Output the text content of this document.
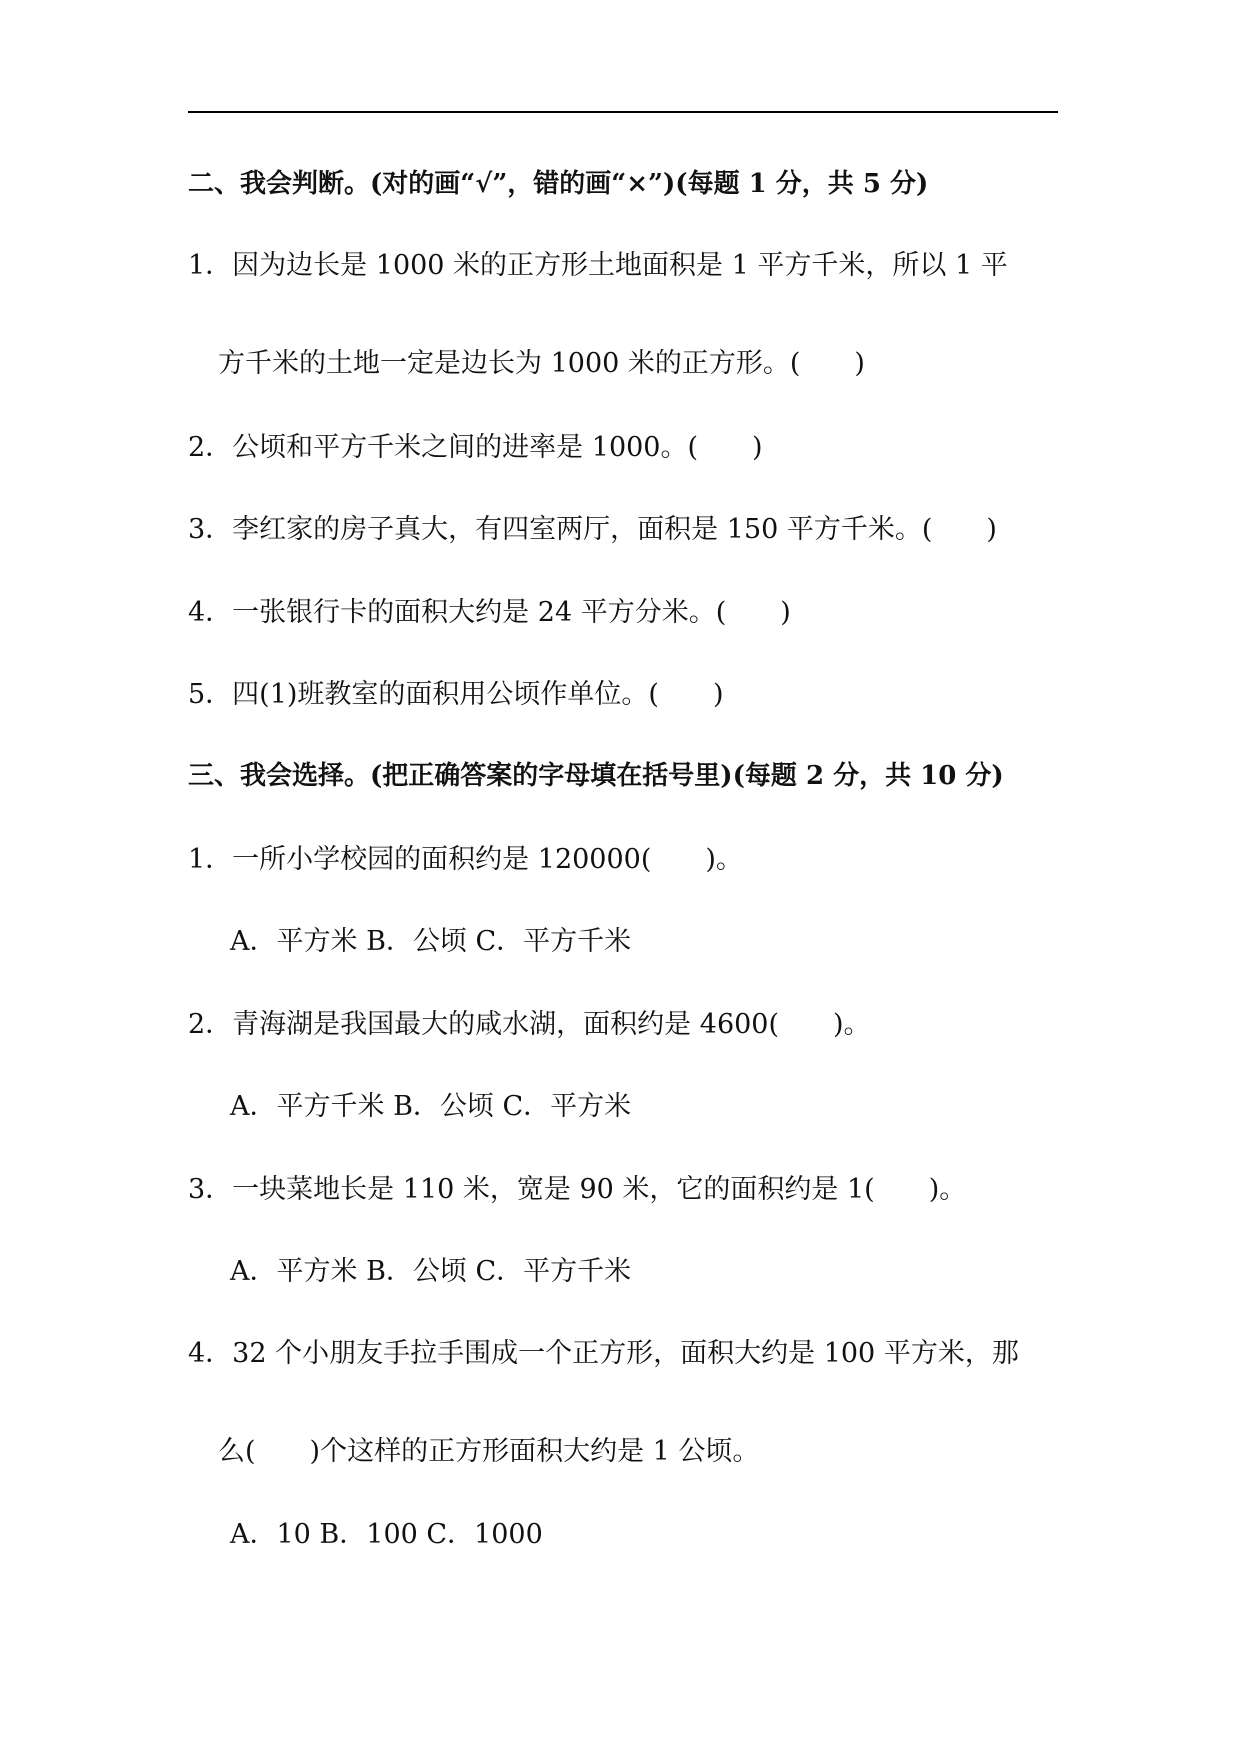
二、我会判断。(对的画“√”，错的画“×”)(每题 1 分，共 5 分)
1．因为边长是 1000 米的正方形土地面积是 1 平方千米，所以 1 平
方千米的土地一定是边长为 1000 米的正方形。(　　)
2．公顷和平方千米之间的进率是 1000。(　　)
3．李红家的房子真大，有四室两厅，面积是 150 平方千米。(　　)
4．一张银行卡的面积大约是 24 平方分米。(　　)
5．四(1)班教室的面积用公顷作单位。(　　)
三、我会选择。(把正确答案的字母填在括号里)(每题 2 分，共 10 分)
1．一所小学校园的面积约是 120000(　　)。
A．平方米 B．公顷 C．平方千米
2．青海湖是我国最大的咸水湖，面积约是 4600(　　)。
A．平方千米 B．公顷 C．平方米
3．一块菜地长是 110 米，宽是 90 米，它的面积约是 1(　　)。
A．平方米 B．公顷 C．平方千米
4．32 个小朋友手拉手围成一个正方形，面积大约是 100 平方米，那
么(　　)个这样的正方形面积大约是 1 公顷。
A．10 B．100 C．1000
